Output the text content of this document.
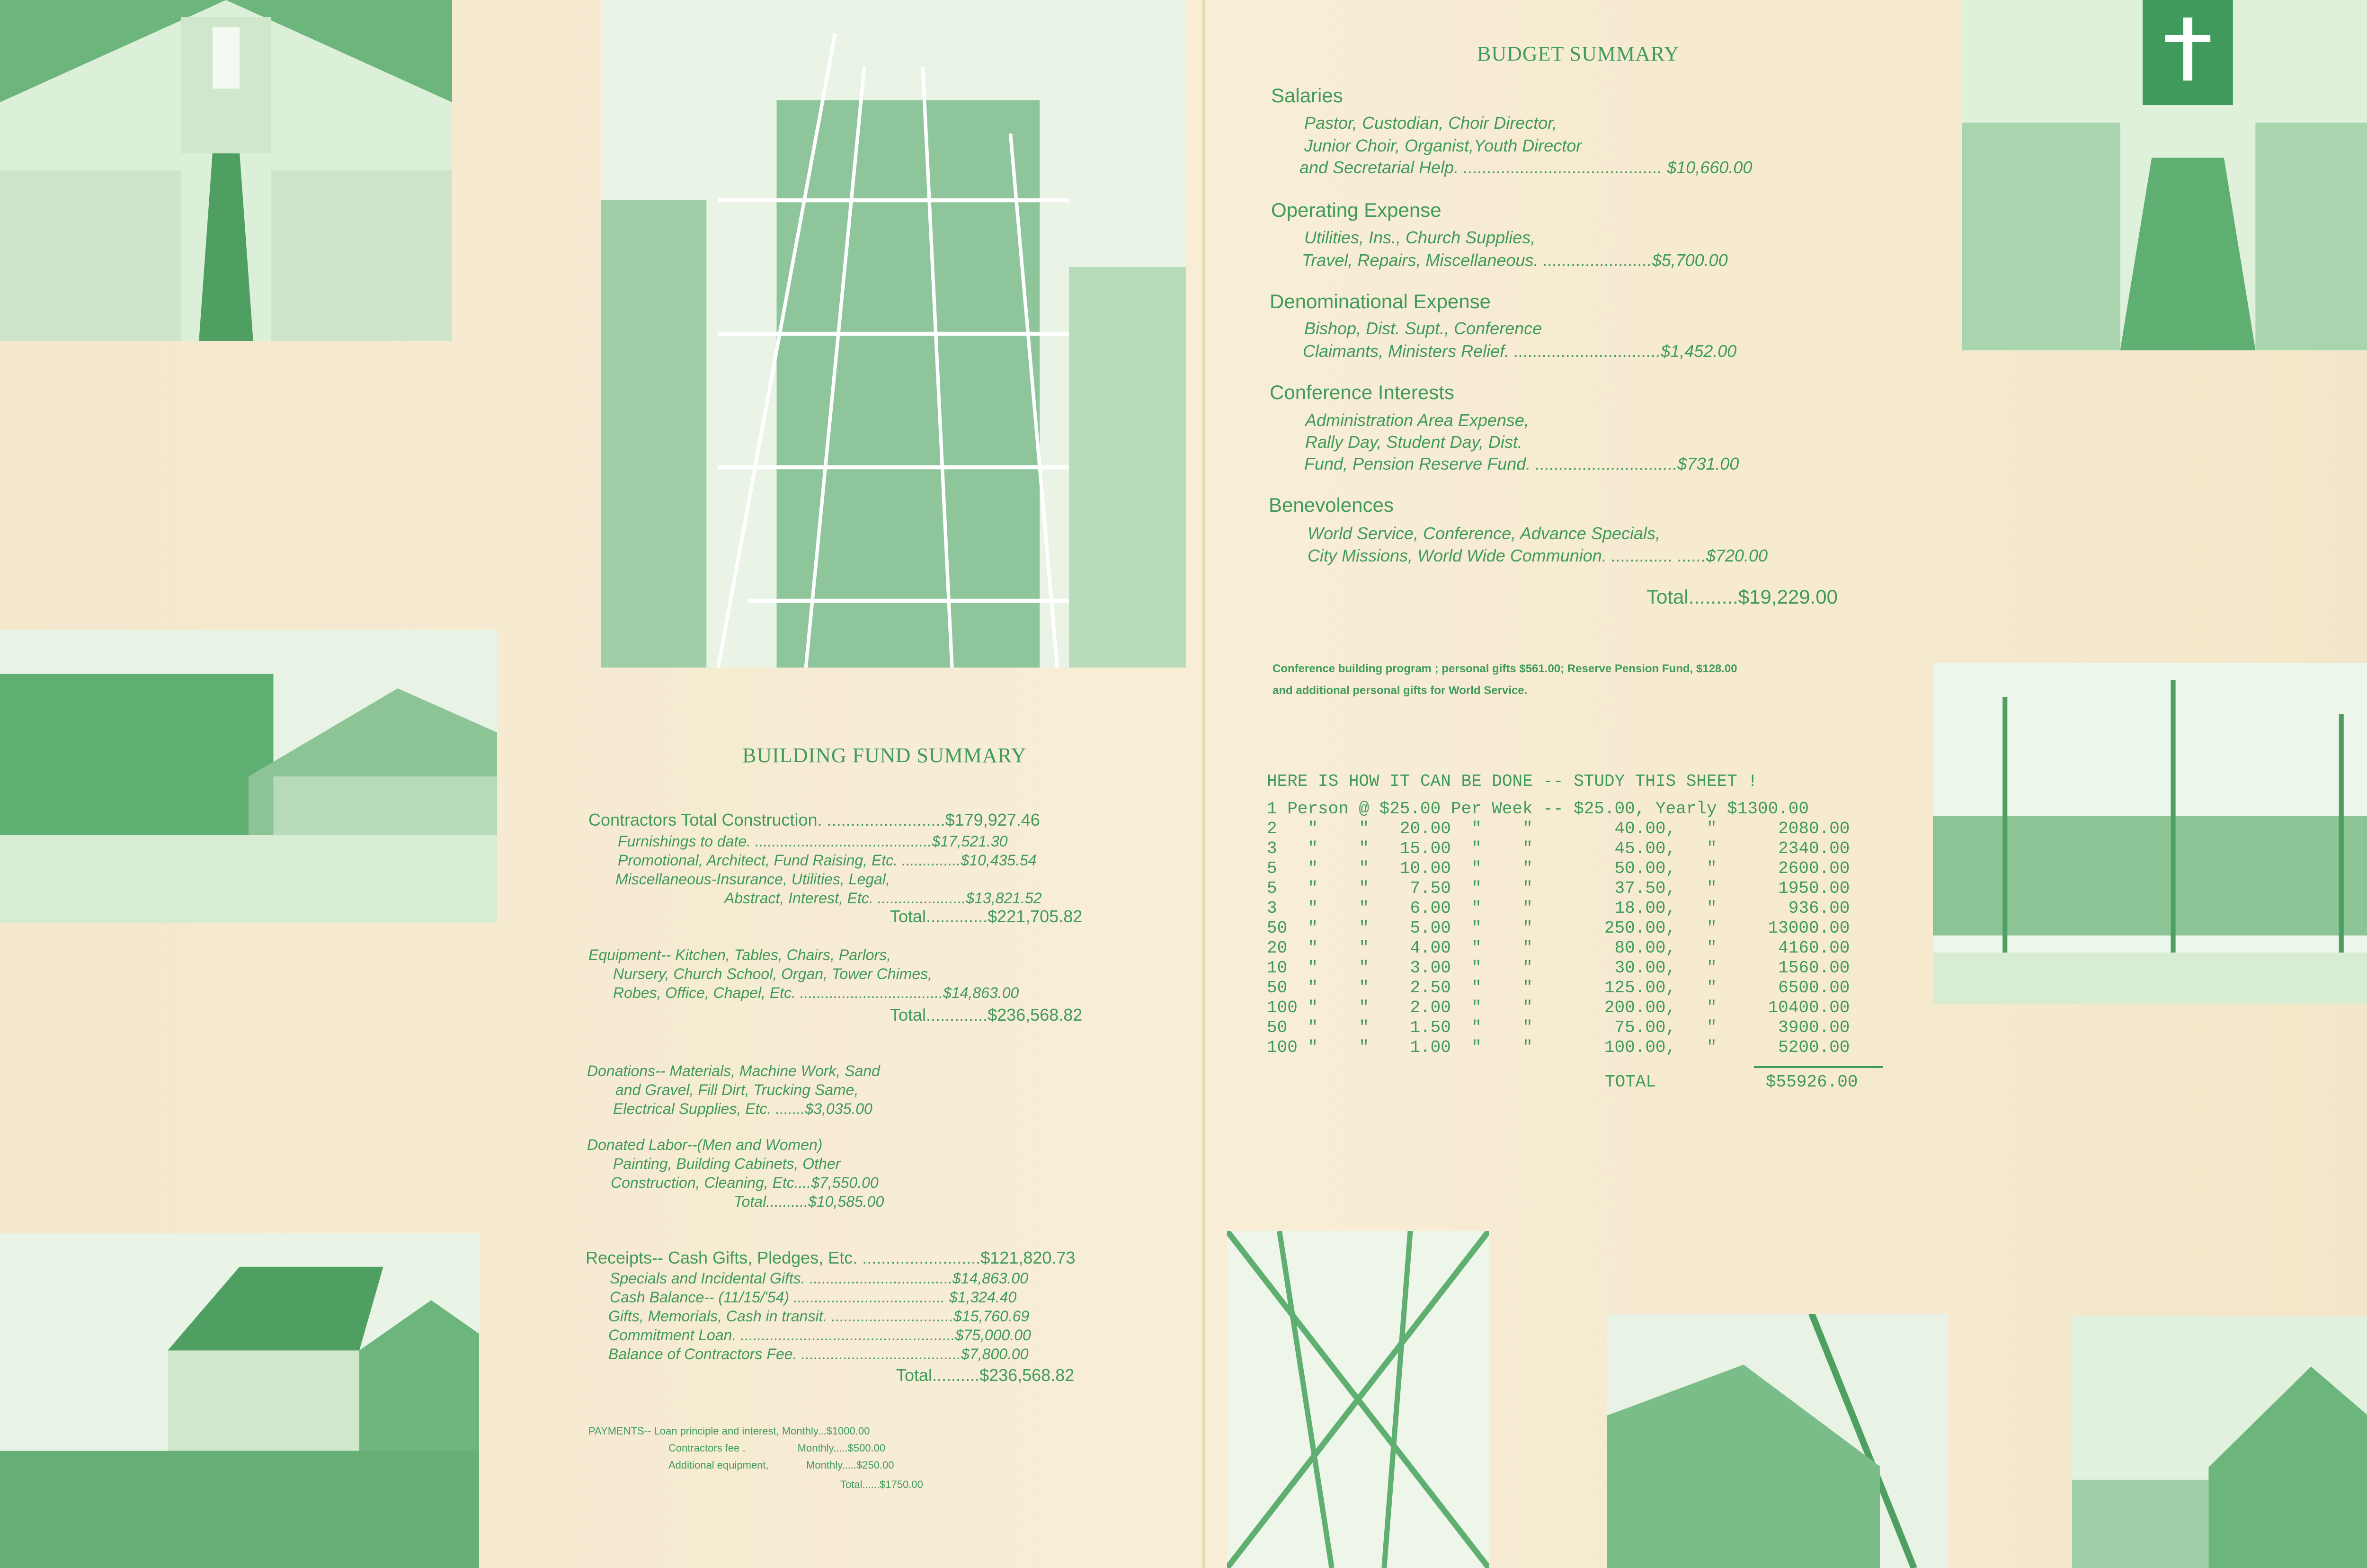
BUDGET SUMMARY
Salaries
Pastor, Custodian, Choir Director,
Junior Choir, Organist,Youth Director
and Secretarial Help. .......................................... $10,660.00
Operating Expense
Utilities, Ins., Church Supplies,
Travel, Repairs, Miscellaneous. .......................$5,700.00
Denominational Expense
Bishop, Dist. Supt., Conference
Claimants, Ministers Relief. ...............................$1,452.00
Conference Interests
Administration Area Expense,
Rally Day, Student Day, Dist.
Fund, Pension Reserve Fund. ..............................$731.00
Benevolences
World Service, Conference, Advance Specials,
City Missions, World Wide Communion. ............. ......$720.00
Total.........$19,229.00
Conference building program ; personal gifts $561.00; Reserve Pension Fund, $128.00
and additional personal gifts for World Service.
BUILDING FUND SUMMARY
Contractors Total Construction. .........................$179,927.46
Furnishings to date. ..........................................$17,521.30
Promotional, Architect, Fund Raising, Etc. ..............$10,435.54
Miscellaneous-Insurance, Utilities, Legal,
Abstract, Interest, Etc. .....................$13,821.52
Total.............$221,705.82
Equipment-- Kitchen, Tables, Chairs, Parlors,
Nursery, Church School, Organ, Tower Chimes,
Robes, Office, Chapel, Etc. ..................................$14,863.00
Total.............$236,568.82
Donations-- Materials, Machine Work, Sand
and Gravel, Fill Dirt, Trucking Same,
Electrical Supplies, Etc. .......$3,035.00
Donated Labor--(Men and Women)
Painting, Building Cabinets, Other
Construction, Cleaning, Etc....$7,550.00
Total..........$10,585.00
Receipts-- Cash Gifts, Pledges, Etc. .........................$121,820.73
Specials and Incidental Gifts. ..................................$14,863.00
Cash Balance-- (11/15/'54) .................................... $1,324.40
Gifts, Memorials, Cash in transit. .............................$15,760.69
Commitment Loan. ...................................................$75,000.00
Balance of Contractors Fee. ......................................$7,800.00
Total..........$236,568.82
PAYMENTS-- Loan principle and interest, Monthly...$1000.00
Contractors fee .                  Monthly.....$500.00
Additional equipment,             Monthly.....$250.00
Total......$1750.00
HERE IS HOW IT CAN BE DONE -- STUDY THIS SHEET !
1 Person @ $25.00 Per Week -- $25.00, Yearly $1300.00
2   "    "   20.00  "    "        40.00,   "      2080.00
3   "    "   15.00  "    "        45.00,   "      2340.00
5   "    "   10.00  "    "        50.00,   "      2600.00
5   "    "    7.50  "    "        37.50,   "      1950.00
3   "    "    6.00  "    "        18.00,   "       936.00
50  "    "    5.00  "    "       250.00,   "     13000.00
20  "    "    4.00  "    "        80.00,   "      4160.00
10  "    "    3.00  "    "        30.00,   "      1560.00
50  "    "    2.50  "    "       125.00,   "      6500.00
100 "    "    2.00  "    "       200.00,   "     10400.00
50  "    "    1.50  "    "        75.00,   "      3900.00
100 "    "    1.00  "    "       100.00,   "      5200.00
TOTAL	$55926.00
